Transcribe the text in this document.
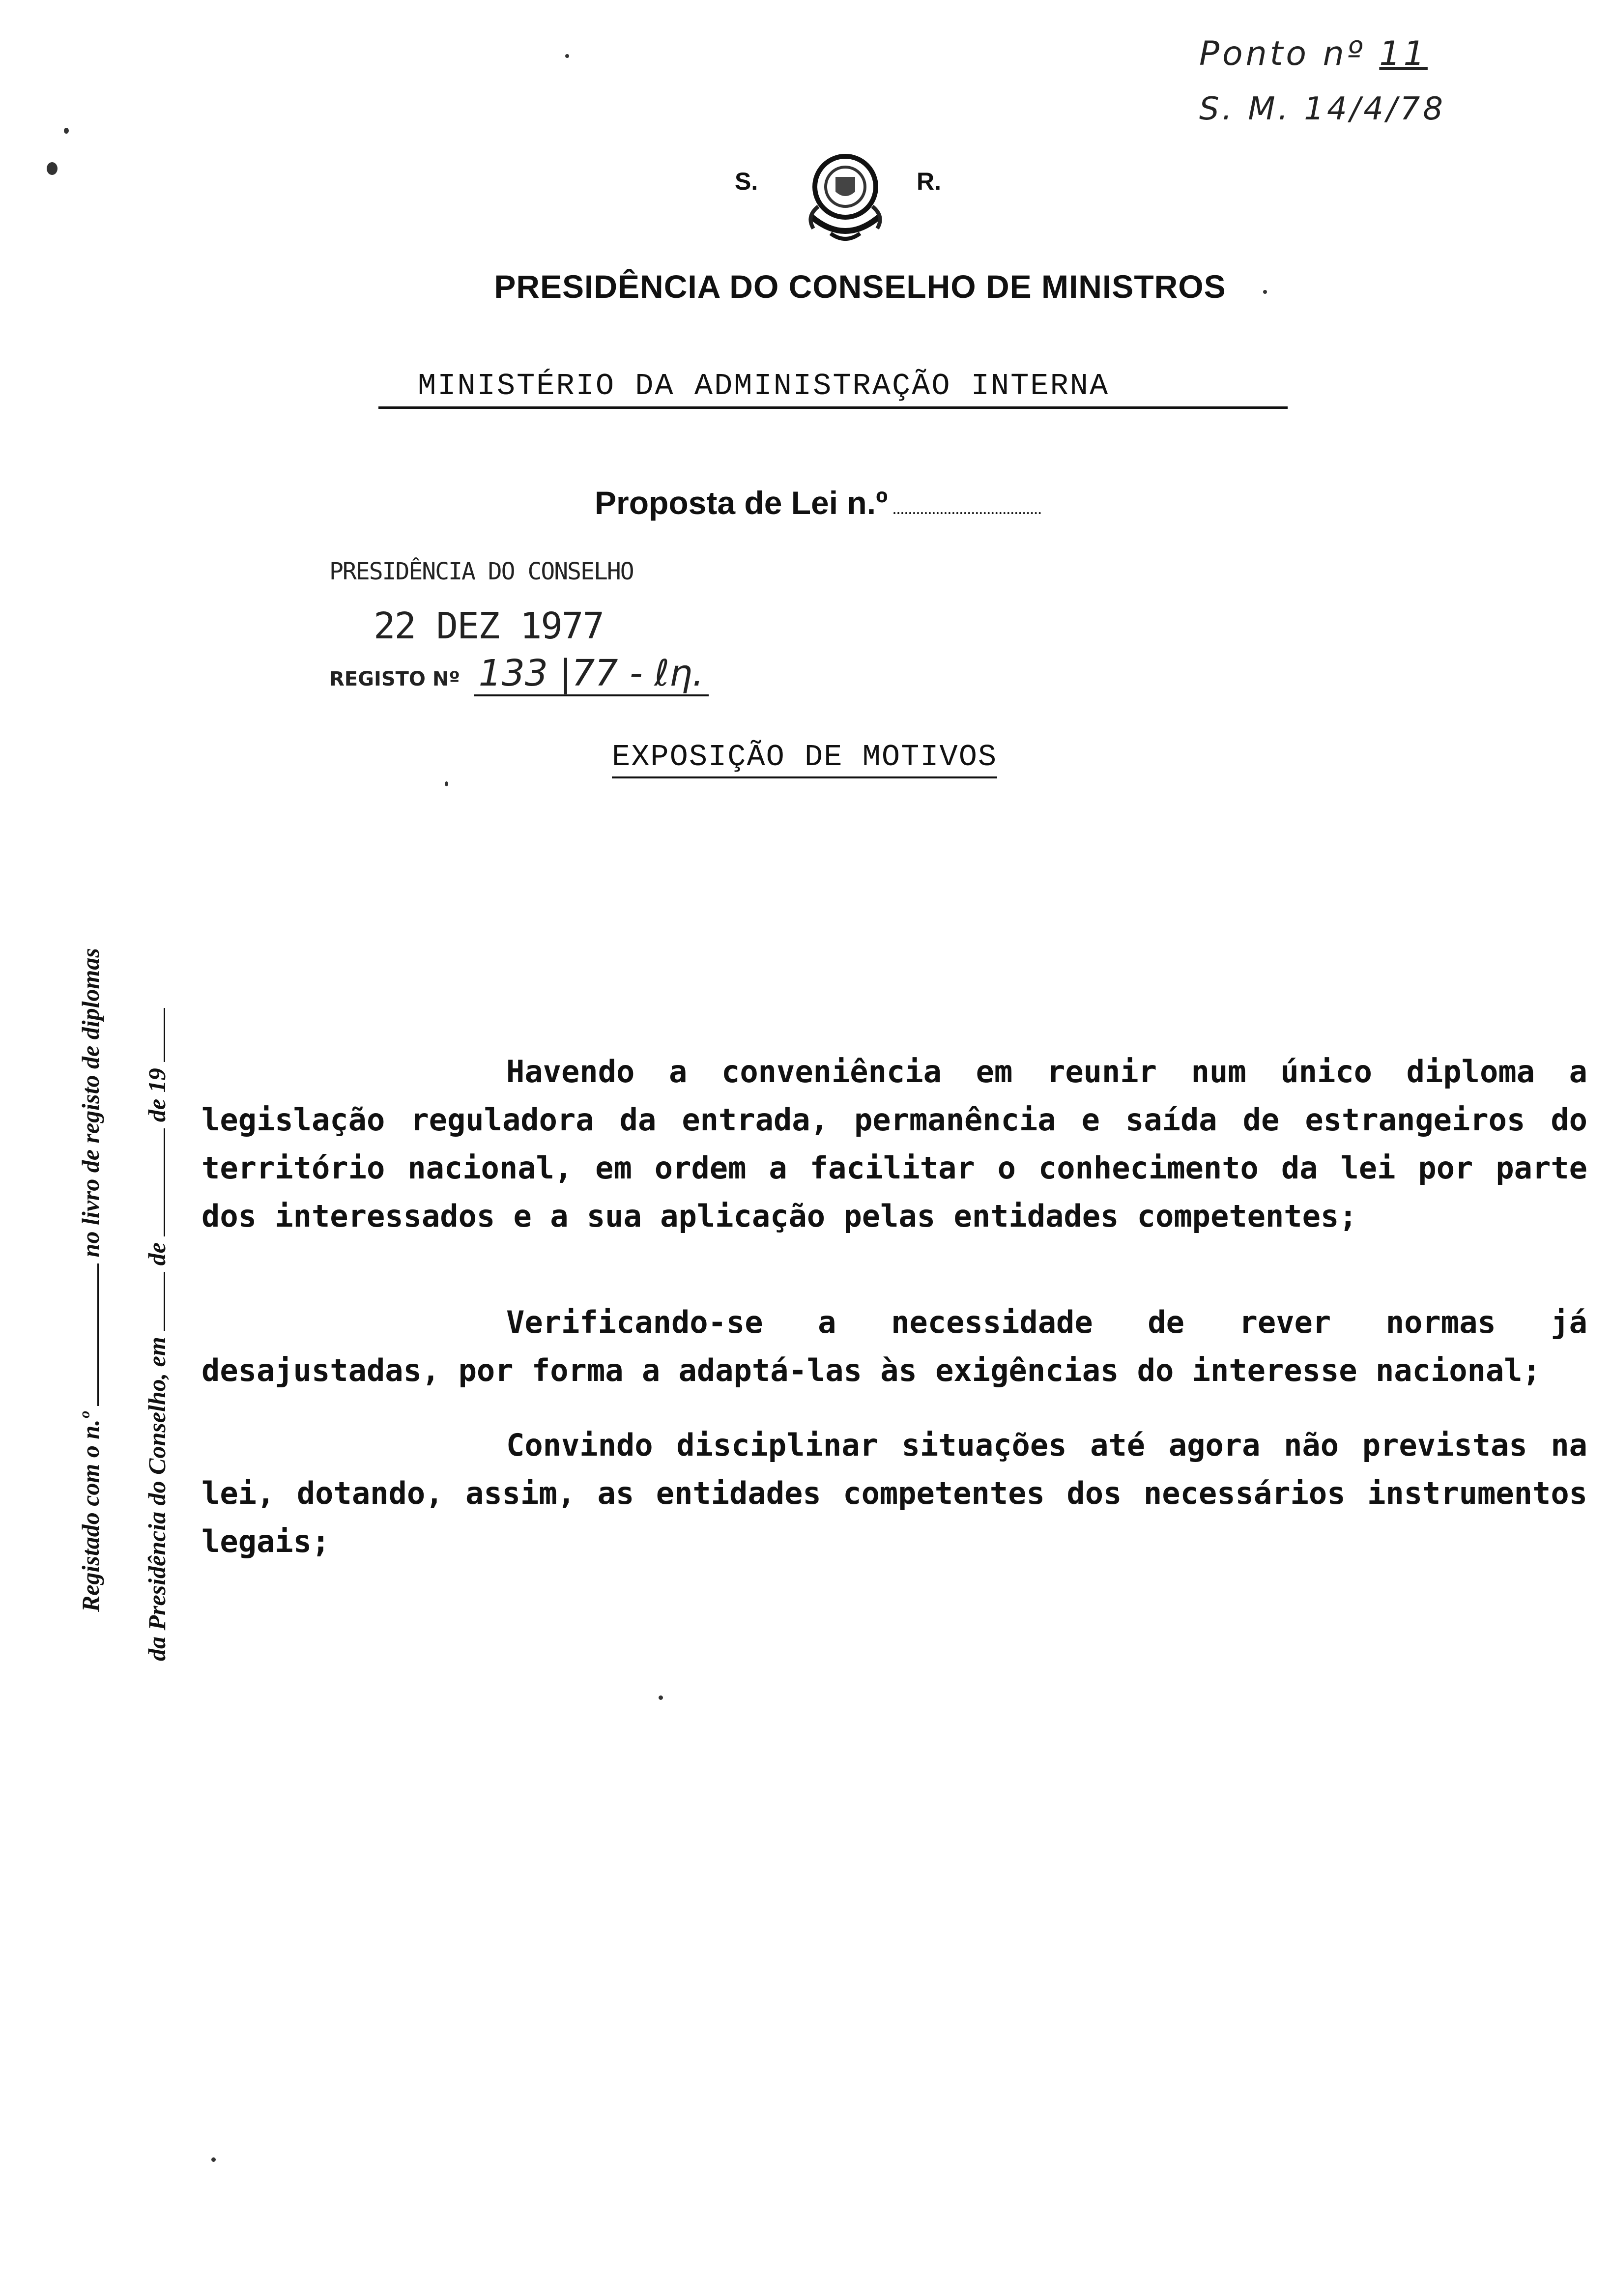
Ponto nº 11
S. M. 14/4/78
S.	R.
PRESIDÊNCIA DO CONSELHO DE MINISTROS
MINISTÉRIO DA ADMINISTRAÇÃO INTERNA
Proposta de Lei n.º
PRESIDÊNCIA DO CONSELHO
22 DEZ 1977
REGISTO Nº 133 |77 - ℓη.
EXPOSIÇÃO DE MOTIVOS

Havendo a conveniência em reunir num único diploma a legislação reguladora da entrada, permanência e saída de estrangeiros do território nacional, em ordem a facilitar o conhecimento da lei por parte dos interessados e a sua aplicação pelas entidades competentes;

Verificando-se a necessidade de rever normas já desajustadas, por forma a adaptá-las às exigências do interesse nacional;

Convindo disciplinar situações até agora não previstas na lei, dotando, assim, as entidades competentes dos necessários instrumentos legais;

Registado com o n.º  no livro de registo de diplomas
da Presidência do Conselho, em  de  de 19
